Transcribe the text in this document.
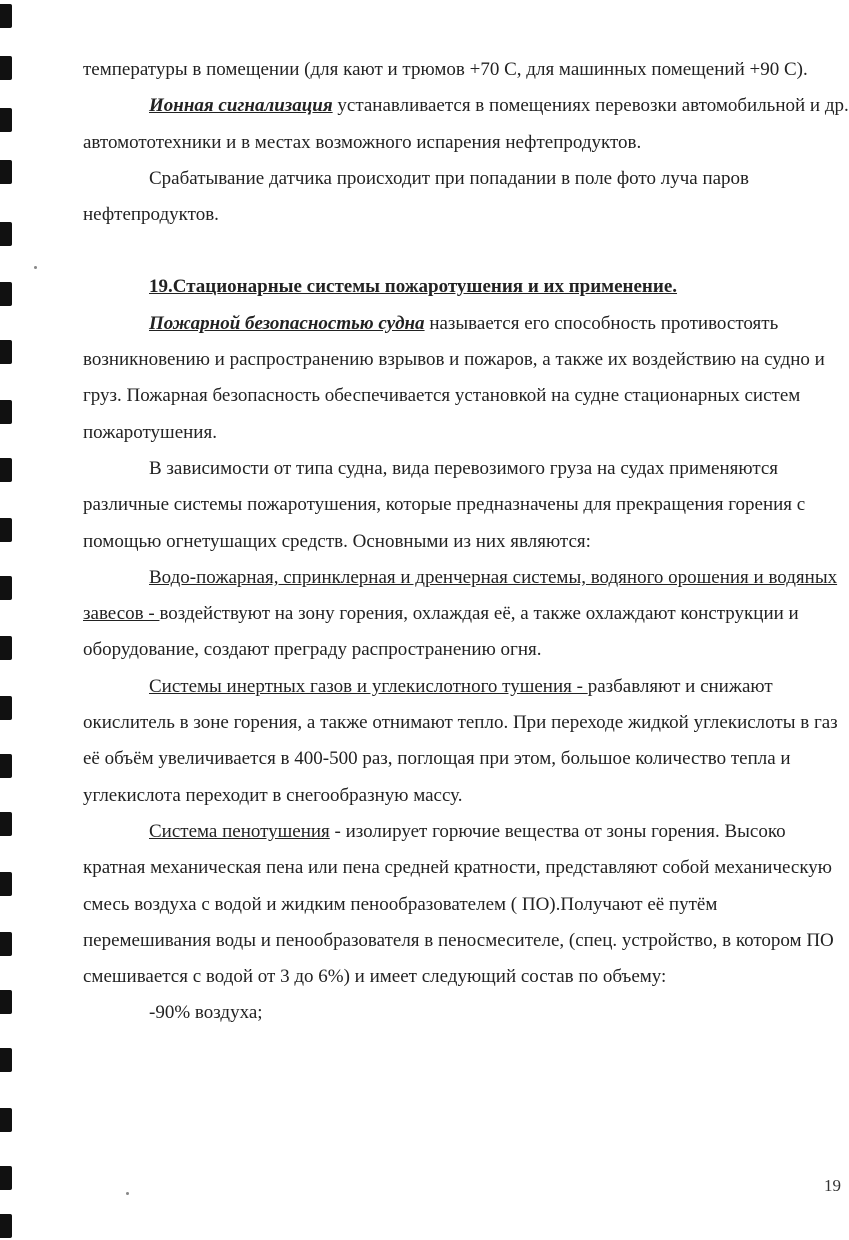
температуры в помещении (для кают и трюмов +70 С, для машинных помещений +90 С).

Ионная сигнализация устанавливается в помещениях перевозки автомобильной и др. автомототехники и в местах возможного испарения нефтепродуктов.

Срабатывание датчика происходит при попадании в поле фото луча паров нефтепродуктов.

19.Стационарные системы пожаротушения и их применение.

Пожарной безопасностью судна называется его способность противостоять возникновению и распространению взрывов и пожаров, а также их воздействию на судно и груз. Пожарная безопасность обеспечивается установкой на судне стационарных систем пожаротушения.

В зависимости от типа судна, вида перевозимого груза на судах применяются различные системы пожаротушения, которые предназначены для прекращения горения с помощью огнетушащих средств. Основными из них являются:

Водо-пожарная, спринклерная и дренчерная системы, водяного орошения и водяных завесов - воздействуют на зону горения, охлаждая её, а также охлаждают конструкции и оборудование, создают преграду распространению огня.

Системы инертных газов и углекислотного тушения - разбавляют и снижают окислитель в зоне горения, а также отнимают тепло. При переходе жидкой углекислоты в газ её объём увеличивается в 400-500 раз, поглощая при этом, большое количество тепла и углекислота переходит в снегообразную массу.

Система пенотушения - изолирует горючие вещества от зоны горения. Высоко кратная механическая пена или пена средней кратности, представляют собой механическую смесь воздуха с водой и жидким пенообразователем ( ПО).Получают её путём перемешивания воды и пенообразователя в пеносмесителе, (спец. устройство, в котором ПО смешивается с водой от 3 до 6%) и имеет следующий состав по объему:

-90% воздуха;

19
